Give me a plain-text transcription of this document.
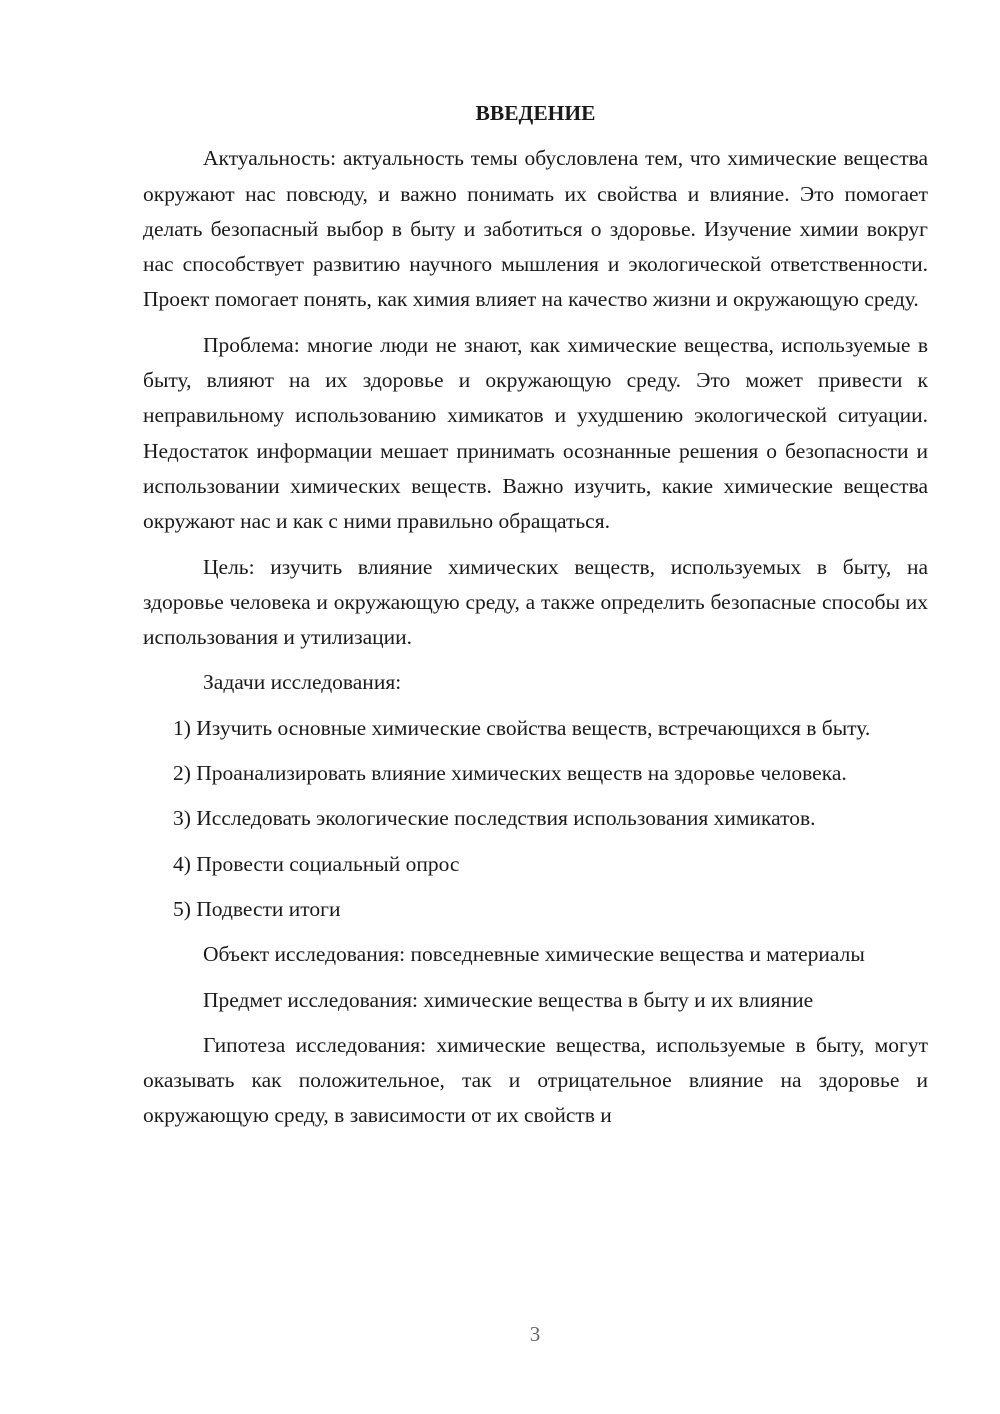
ВВЕДЕНИЕ

Актуальность: актуальность темы обусловлена тем, что химические вещества окружают нас повсюду, и важно понимать их свойства и влияние. Это помогает делать безопасный выбор в быту и заботиться о здоровье. Изучение химии вокруг нас способствует развитию научного мышления и экологической ответственности. Проект помогает понять, как химия влияет на качество жизни и окружающую среду.

Проблема: многие люди не знают, как химические вещества, используемые в быту, влияют на их здоровье и окружающую среду. Это может привести к неправильному использованию химикатов и ухудшению экологической ситуации. Недостаток информации мешает принимать осознанные решения о безопасности и использовании химических веществ. Важно изучить, какие химические вещества окружают нас и как с ними правильно обращаться.

Цель: изучить влияние химических веществ, используемых в быту, на здоровье человека и окружающую среду, а также определить безопасные способы их использования и утилизации.

Задачи исследования:

1) Изучить основные химические свойства веществ, встречающихся в быту.

2) Проанализировать влияние химических веществ на здоровье человека.

3) Исследовать экологические последствия использования химикатов.

4) Провести социальный опрос

5) Подвести итоги

Объект исследования: повседневные химические вещества и материалы

Предмет исследования: химические вещества в быту и их влияние

Гипотеза исследования: химические вещества, используемые в быту, могут оказывать как положительное, так и отрицательное влияние на здоровье и окружающую среду, в зависимости от их свойств и

3
